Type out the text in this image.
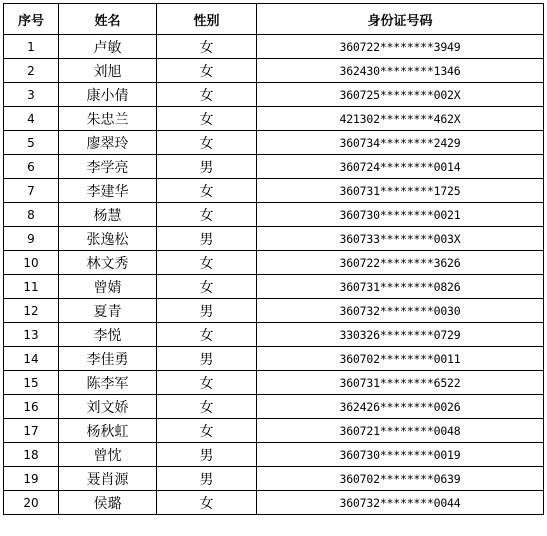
序号	姓名	性别	身份证号码
1	卢敏	女	360722********3949
2	刘旭	女	362430********1346
3	康小倩	女	360725********002X
4	朱忠兰	女	421302********462X
5	廖翠玲	女	360734********2429
6	李学亮	男	360724********0014
7	李建华	女	360731********1725
8	杨慧	女	360730********0021
9	张逸松	男	360733********003X
10	林文秀	女	360722********3626
11	曾婧	女	360731********0826
12	夏青	男	360732********0030
13	李悦	女	330326********0729
14	李佳勇	男	360702********0011
15	陈李军	女	360731********6522
16	刘文娇	女	362426********0026
17	杨秋虹	女	360721********0048
18	曾忱	男	360730********0019
19	聂肖源	男	360702********0639
20	侯璐	女	360732********0044
